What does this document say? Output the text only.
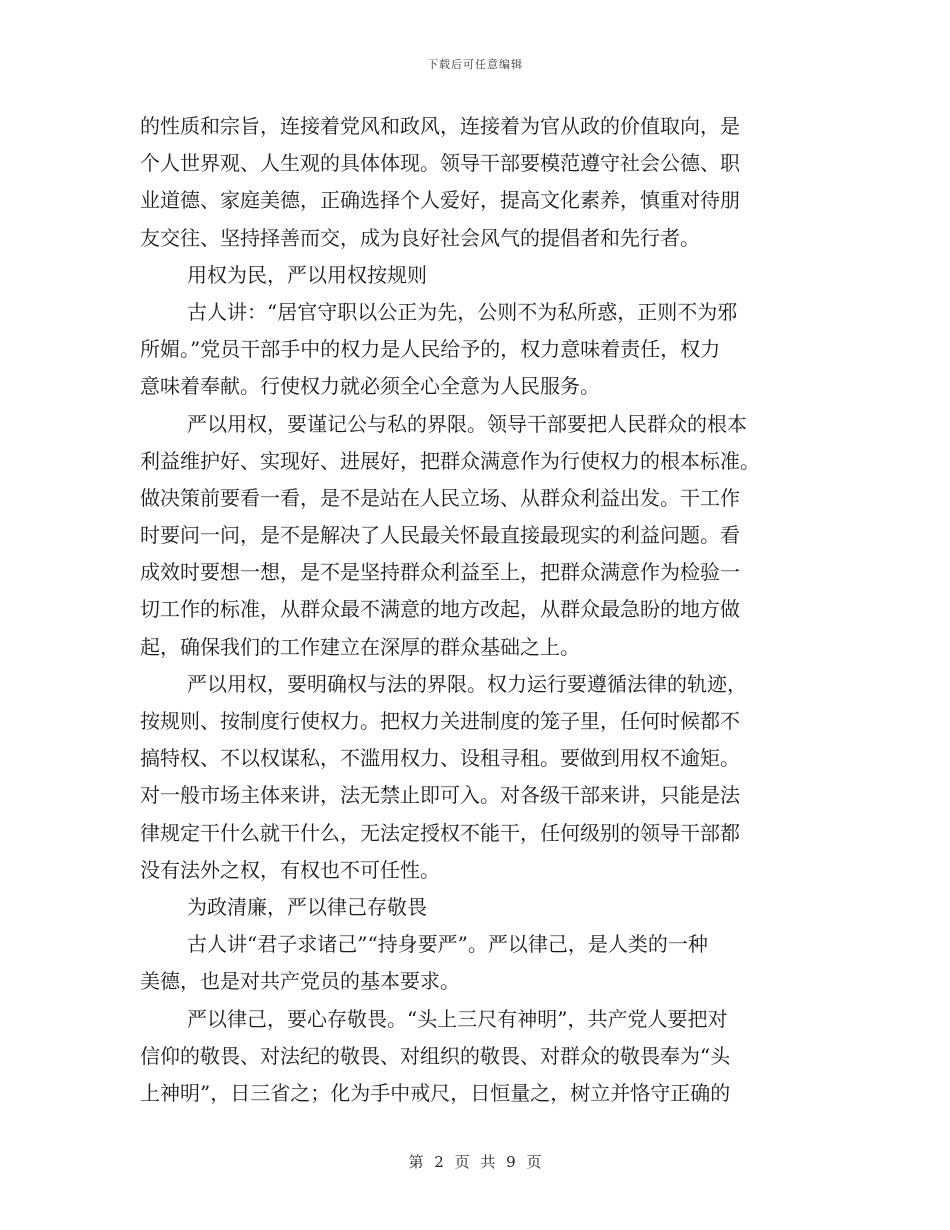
下载后可任意编辑
的性质和宗旨，连接着党风和政风，连接着为官从政的价值取向，是
个人世界观、人生观的具体体现。领导干部要模范遵守社会公德、职
业道德、家庭美德，正确选择个人爱好，提高文化素养，慎重对待朋
友交往、坚持择善而交，成为良好社会风气的提倡者和先行者。
用权为民，严以用权按规则
古人讲：“居官守职以公正为先，公则不为私所惑，正则不为邪
所媚。”党员干部手中的权力是人民给予的，权力意味着责任，权力
意味着奉献。行使权力就必须全心全意为人民服务。
严以用权，要谨记公与私的界限。领导干部要把人民群众的根本
利益维护好、实现好、进展好，把群众满意作为行使权力的根本标准。
做决策前要看一看，是不是站在人民立场、从群众利益出发。干工作
时要问一问，是不是解决了人民最关怀最直接最现实的利益问题。看
成效时要想一想，是不是坚持群众利益至上，把群众满意作为检验一
切工作的标准，从群众最不满意的地方改起，从群众最急盼的地方做
起，确保我们的工作建立在深厚的群众基础之上。
严以用权，要明确权与法的界限。权力运行要遵循法律的轨迹，
按规则、按制度行使权力。把权力关进制度的笼子里，任何时候都不
搞特权、不以权谋私，不滥用权力、设租寻租。要做到用权不逾矩。
对一般市场主体来讲，法无禁止即可入。对各级干部来讲，只能是法
律规定干什么就干什么，无法定授权不能干，任何级别的领导干部都
没有法外之权，有权也不可任性。
为政清廉，严以律己存敬畏
古人讲“君子求诸己”“持身要严”。严以律己，是人类的一种
美德，也是对共产党员的基本要求。
严以律己，要心存敬畏。“头上三尺有神明”，共产党人要把对
信仰的敬畏、对法纪的敬畏、对组织的敬畏、对群众的敬畏奉为“头
上神明”，日三省之；化为手中戒尺，日恒量之，树立并恪守正确的
第 2 页 共 9 页
